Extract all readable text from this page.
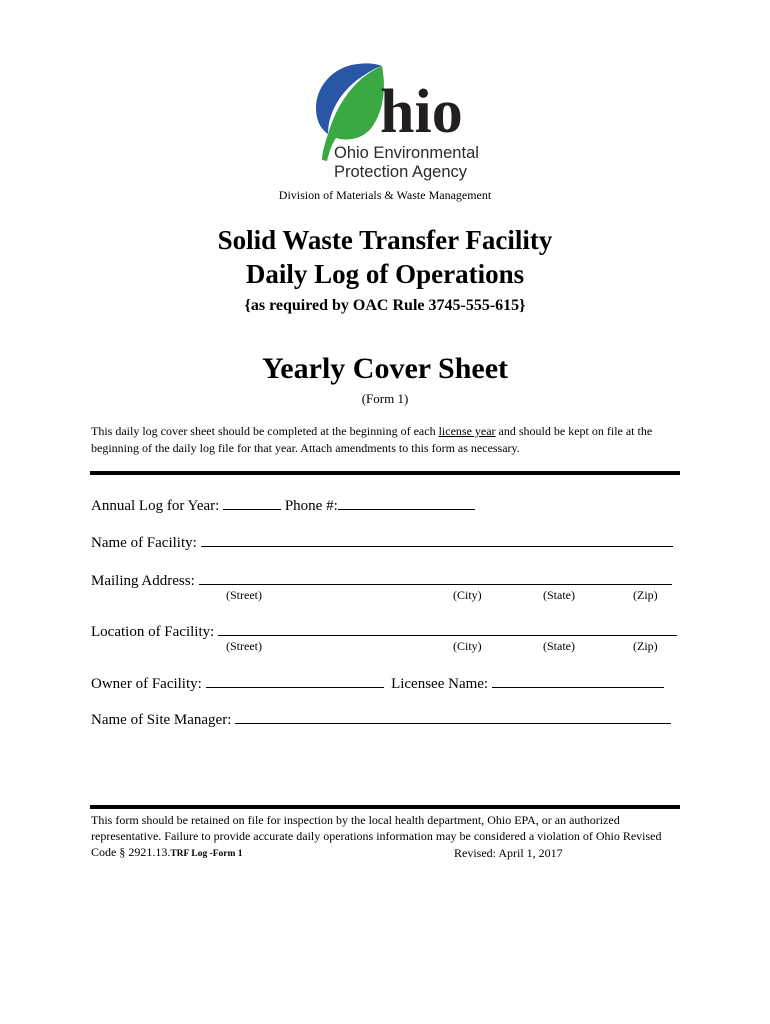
hio
Ohio Environmental
Protection Agency
Division of Materials & Waste Management
Solid Waste Transfer Facility
Daily Log of Operations
{as required by OAC Rule 3745-555-615}
Yearly Cover Sheet
(Form 1)
This daily log cover sheet should be completed at the beginning of each license year and should be kept on file at the beginning of the daily log file for that year. Attach amendments to this form as necessary.
Annual Log for Year:	Phone #:
Name of Facility:
Mailing Address:
(Street)	(City)	(State)	(Zip)
Location of Facility:
(Street)	(City)	(State)	(Zip)
Owner of Facility:	Licensee Name:
Name of Site Manager:
This form should be retained on file for inspection by the local health department, Ohio EPA, or an authorized representative. Failure to provide accurate daily operations information may be considered a violation of Ohio Revised Code § 2921.13.TRF Log -Form 1	Revised: April 1, 2017
